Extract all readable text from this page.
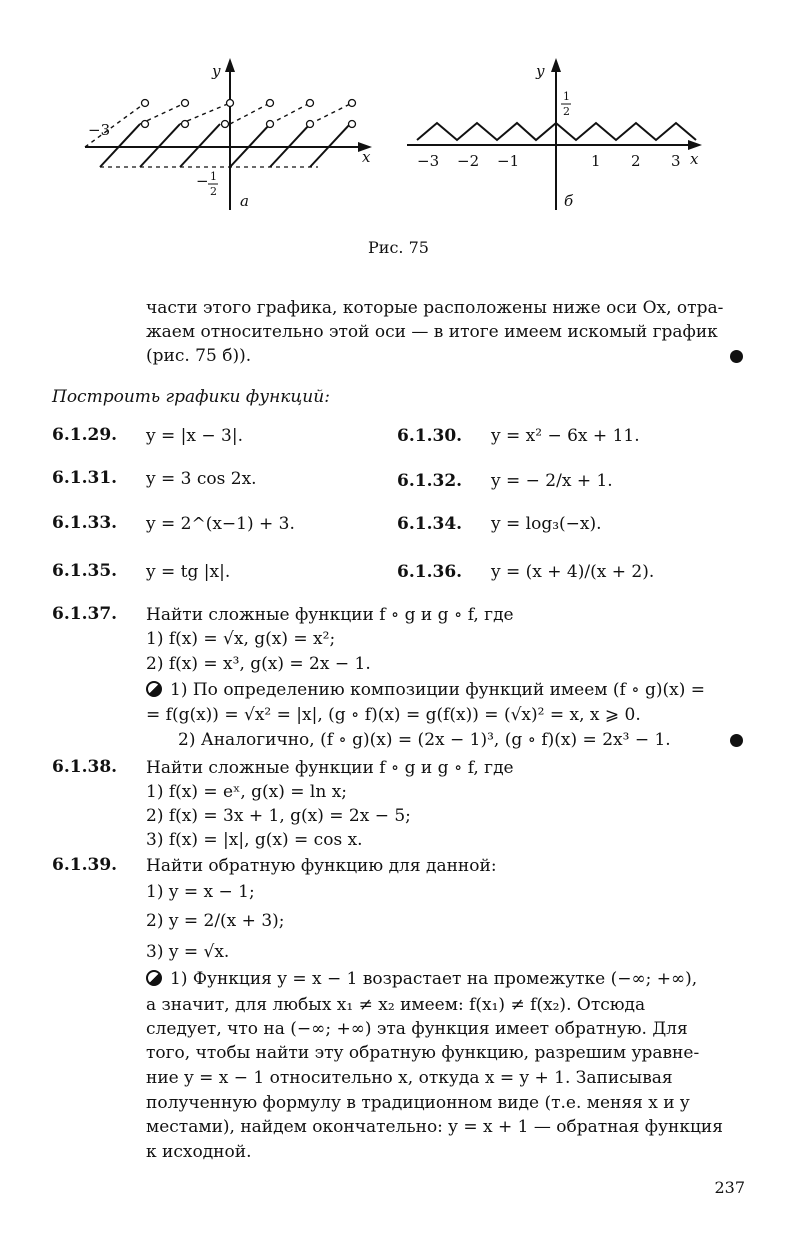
y
x
−3
− 1
2
а
y
x
1
2
−3 −2 −1	1 2 3
б
Рис. 75
части этого графика, которые расположены ниже оси Ox, отра-
жаем относительно этой оси — в итоге имеем искомый график
(рис. 75 б)).
Построить графики функций:
6.1.29. y = |x − 3|.	6.1.30. y = x² − 6x + 11.
6.1.31. y = 3 cos 2x.	6.1.32. y = − 2/x + 1.
6.1.33. y = 2^(x−1) + 3.	6.1.34. y = log₃(−x).
6.1.35. y = tg |x|.	6.1.36. y = (x + 4)/(x + 2).
6.1.37. Найти сложные функции f ∘ g и g ∘ f, где
1) f(x) = √x, g(x) = x²;
2) f(x) = x³, g(x) = 2x − 1.
1) По определению композиции функций имеем (f ∘ g)(x) =
= f(g(x)) = √x² = |x|, (g ∘ f)(x) = g(f(x)) = (√x)² = x, x ⩾ 0.
2) Аналогично, (f ∘ g)(x) = (2x − 1)³, (g ∘ f)(x) = 2x³ − 1.
6.1.38. Найти сложные функции f ∘ g и g ∘ f, где
1) f(x) = eˣ, g(x) = ln x;
2) f(x) = 3x + 1, g(x) = 2x − 5;
3) f(x) = |x|, g(x) = cos x.
6.1.39. Найти обратную функцию для данной:
1) y = x − 1;
2) y = 2/(x + 3);
3) y = √x.
1) Функция y = x − 1 возрастает на промежутке (−∞; +∞),
а значит, для любых x₁ ≠ x₂ имеем: f(x₁) ≠ f(x₂). Отсюда
следует, что на (−∞; +∞) эта функция имеет обратную. Для
того, чтобы найти эту обратную функцию, разрешим уравне-
ние y = x − 1 относительно x, откуда x = y + 1. Записывая
полученную формулу в традиционном виде (т.е. меняя x и y
местами), найдем окончательно: y = x + 1 — обратная функция
к исходной.
237
